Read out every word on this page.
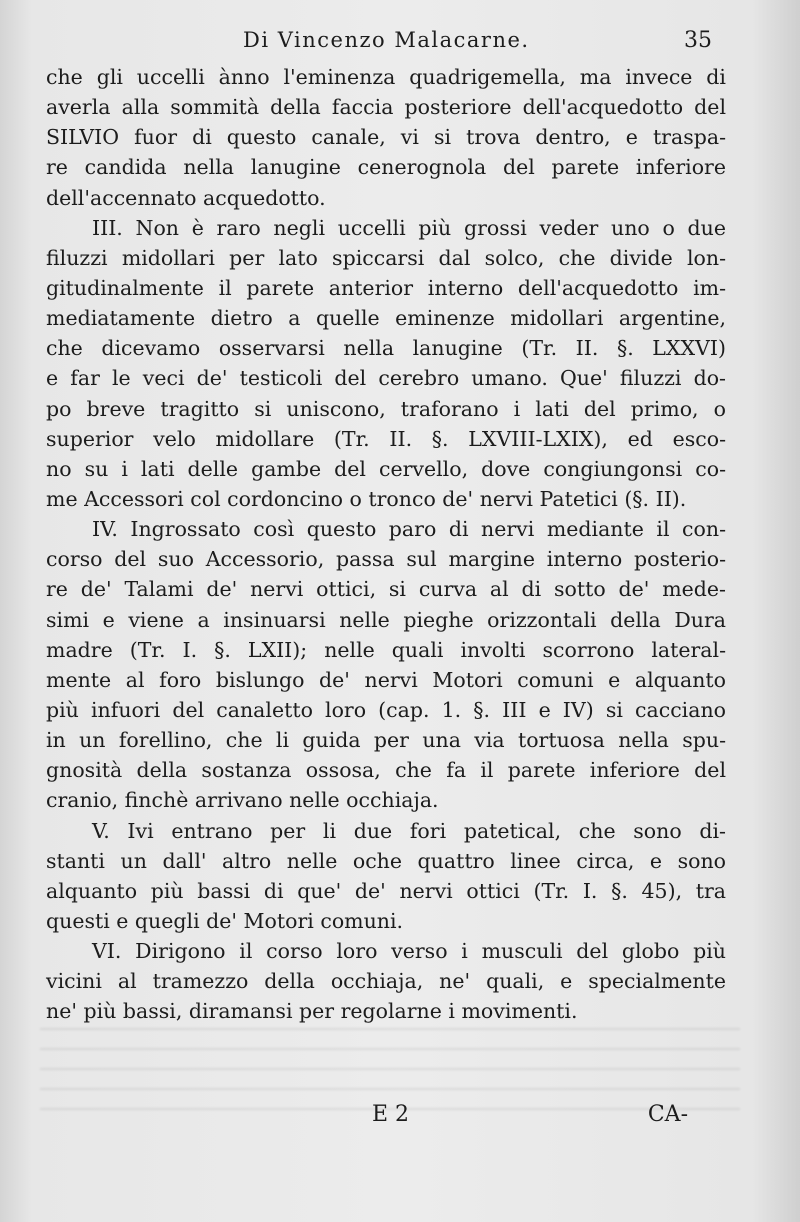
Di Vincenzo Malacarne.	35
che gli uccelli ànno l'eminenza quadrigemella, ma invece di
averla alla sommità della faccia posteriore dell'acquedotto del
SILVIO fuor di questo canale, vi si trova dentro, e traspa-
re candida nella lanugine cenerognola del parete inferiore
dell'accennato acquedotto.
III. Non è raro negli uccelli più grossi veder uno o due
filuzzi midollari per lato spiccarsi dal solco, che divide lon-
gitudinalmente il parete anterior interno dell'acquedotto im-
mediatamente dietro a quelle eminenze midollari argentine,
che dicevamo osservarsi nella lanugine (Tr. II. §. LXXVI)
e far le veci de' testicoli del cerebro umano. Que' filuzzi do-
po breve tragitto si uniscono, traforano i lati del primo, o
superior velo midollare (Tr. II. §. LXVIII-LXIX), ed esco-
no su i lati delle gambe del cervello, dove congiungonsi co-
me Accessori col cordoncino o tronco de' nervi Patetici (§. II).
IV. Ingrossato così questo paro di nervi mediante il con-
corso del suo Accessorio, passa sul margine interno posterio-
re de' Talami de' nervi ottici, si curva al di sotto de' mede-
simi e viene a insinuarsi nelle pieghe orizzontali della Dura
madre (Tr. I. §. LXII); nelle quali involti scorrono lateral-
mente al foro bislungo de' nervi Motori comuni e alquanto
più infuori del canaletto loro (cap. 1. §. III e IV) si cacciano
in un forellino, che li guida per una via tortuosa nella spu-
gnosità della sostanza ossosa, che fa il parete inferiore del
cranio, finchè arrivano nelle occhiaja.
V. Ivi entrano per li due fori patetical, che sono di-
stanti un dall' altro nelle oche quattro linee circa, e sono
alquanto più bassi di que' de' nervi ottici (Tr. I. §. 45), tra
questi e quegli de' Motori comuni.
VI. Dirigono il corso loro verso i musculi del globo più
vicini al tramezzo della occhiaja, ne' quali, e specialmente
ne' più bassi, diramansi per regolarne i movimenti.
E 2	CA-
